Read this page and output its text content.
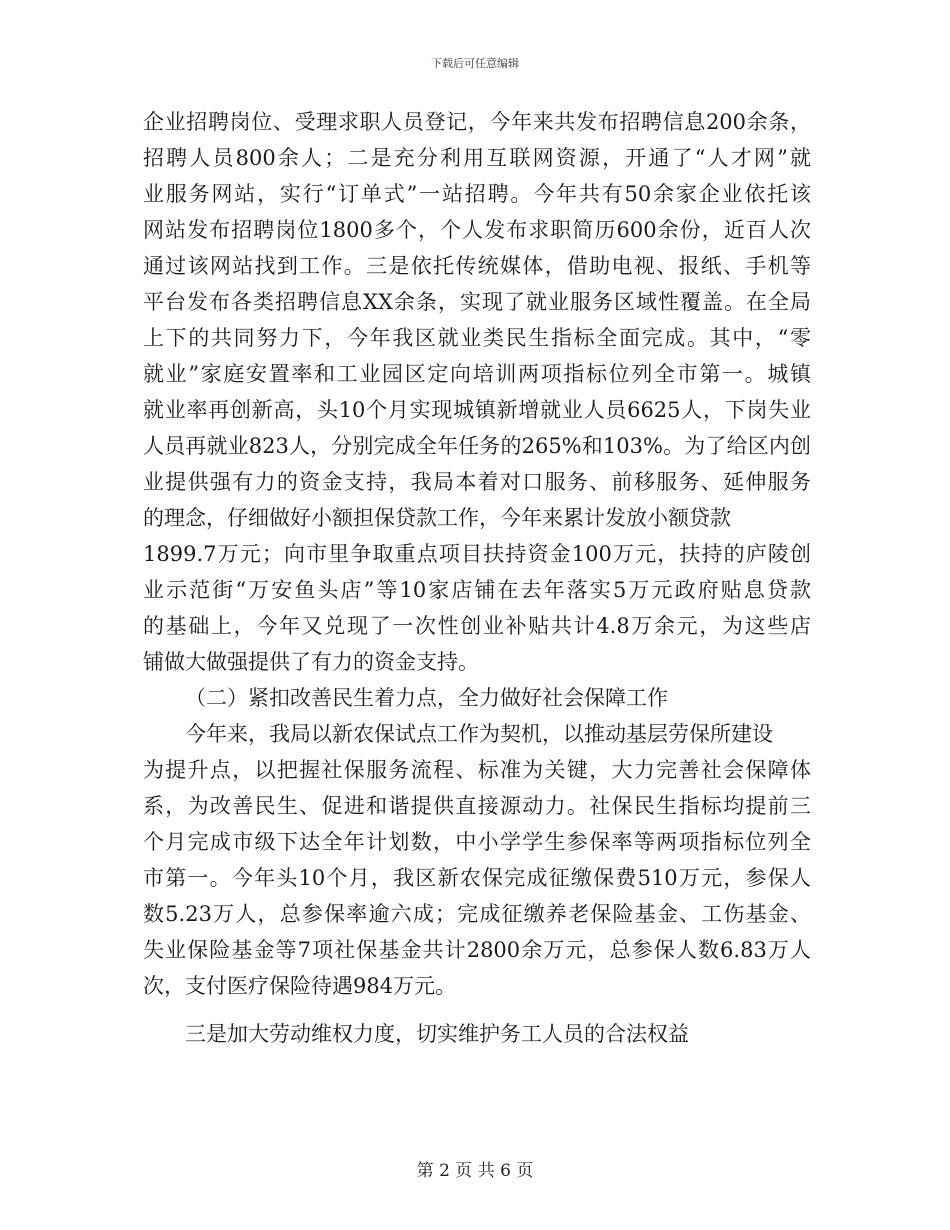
下载后可任意编辑
企业招聘岗位、受理求职人员登记，今年来共发布招聘信息200余条，
招聘人员800余人；二是充分利用互联网资源，开通了“人才网”就
业服务网站，实行“订单式”一站招聘。今年共有50余家企业依托该
网站发布招聘岗位1800多个，个人发布求职简历600余份，近百人次
通过该网站找到工作。三是依托传统媒体，借助电视、报纸、手机等
平台发布各类招聘信息XX余条，实现了就业服务区域性覆盖。在全局
上下的共同努力下，今年我区就业类民生指标全面完成。其中，“零
就业”家庭安置率和工业园区定向培训两项指标位列全市第一。城镇
就业率再创新高，头10个月实现城镇新增就业人员6625人，下岗失业
人员再就业823人，分别完成全年任务的265%和103%。为了给区内创
业提供强有力的资金支持，我局本着对口服务、前移服务、延伸服务
的理念，仔细做好小额担保贷款工作，今年来累计发放小额贷款
1899.7万元；向市里争取重点项目扶持资金100万元，扶持的庐陵创
业示范街“万安鱼头店”等10家店铺在去年落实5万元政府贴息贷款
的基础上，今年又兑现了一次性创业补贴共计4.8万余元，为这些店
铺做大做强提供了有力的资金支持。
（二）紧扣改善民生着力点，全力做好社会保障工作
今年来，我局以新农保试点工作为契机，以推动基层劳保所建设
为提升点，以把握社保服务流程、标准为关键，大力完善社会保障体
系，为改善民生、促进和谐提供直接源动力。社保民生指标均提前三
个月完成市级下达全年计划数，中小学学生参保率等两项指标位列全
市第一。今年头10个月，我区新农保完成征缴保费510万元，参保人
数5.23万人，总参保率逾六成；完成征缴养老保险基金、工伤基金、
失业保险基金等7项社保基金共计2800余万元，总参保人数6.83万人
次，支付医疗保险待遇984万元。
三是加大劳动维权力度，切实维护务工人员的合法权益
第 2 页 共 6 页
